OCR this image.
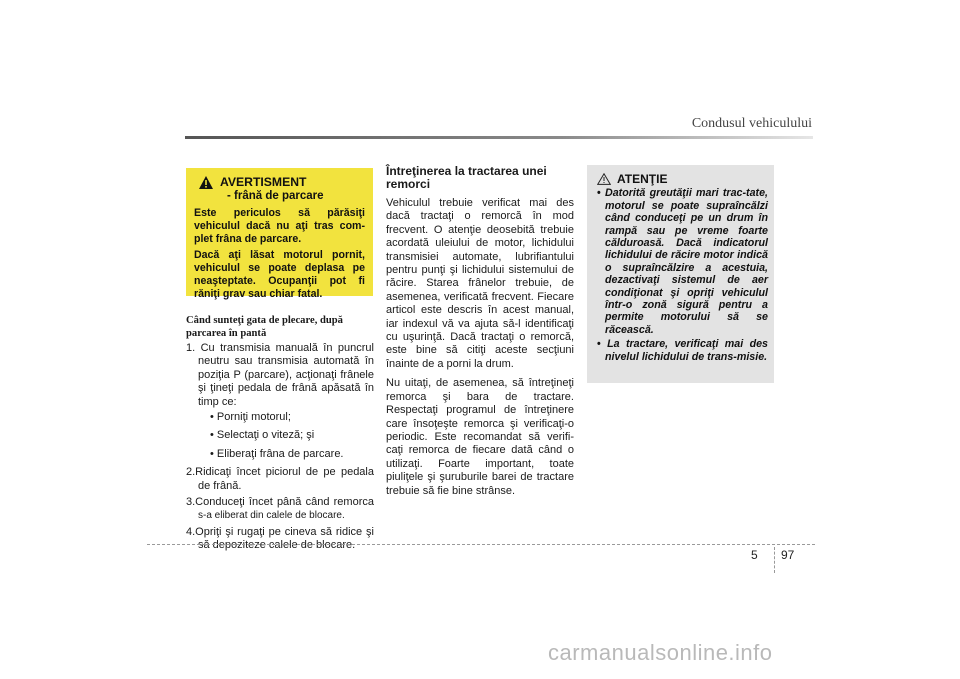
Condusul vehiculului
AVERTISMENT
- frână de parcare

Este periculos să părăsiţi vehiculul dacă nu aţi tras com-plet frâna de parcare.

Dacă aţi lăsat motorul pornit, vehiculul se poate deplasa pe neaşteptate. Ocupanţii pot fi răniţi grav sau chiar fatal.

Când sunteţi gata de plecare, după parcarea în pantă

1. Cu transmisia manuală în puncrul neutru sau transmisia automată în poziţia P (parcare), acţionaţi frânele şi ţineţi pedala de frână apăsată în timp ce:
• Porniţi motorul;
• Selectaţi o viteză; şi
• Eliberaţi frâna de parcare.
2.Ridicaţi încet piciorul de pe pedala de frână.
3.Conduceţi încet până când remorca s-a eliberat din calele de blocare.
4.Opriţi şi rugaţi pe cineva să ridice şi să depoziteze calele de blocare.
Întreţinerea la tractarea unei remorci

Vehiculul trebuie verificat mai des dacă tractaţi o remorcă în mod frecvent. O atenţie deosebită trebuie acordată uleiului de motor, lichidului transmisiei automate, lubrifiantului pentru punţi şi lichidului sistemului de răcire. Starea frânelor trebuie, de asemenea, verificată frecvent. Fiecare articol este descris în acest manual, iar indexul vă va ajuta să-l identificaţi cu uşurinţă. Dacă tractaţi o remorcă, este bine să citiţi aceste secţiuni înainte de a porni la drum.

Nu uitaţi, de asemenea, să întreţineţi remorca şi bara de tractare. Respectaţi programul de întreţinere care însoţeşte remorca şi verificaţi-o periodic. Este recomandat să verifi-caţi remorca de fiecare dată când o utilizaţi. Foarte important, toate piuliţele şi şuruburile barei de tractare trebuie să fie bine strânse.

ATENŢIE
• Datorită greutăţii mari trac-tate, motorul se poate supraîncălzi când conduceţi pe un drum în rampă sau pe vreme foarte călduroasă. Dacă indicatorul lichidului de răcire motor indică o supraîncălzire a acestuia, dezactivaţi sistemul de aer condiţionat şi opriţi vehiculul într-o zonă sigură pentru a permite motorului să se răcească.
• La tractare, verificaţi mai des nivelul lichidului de trans-misie.
5 97
carmanualsonline.info
